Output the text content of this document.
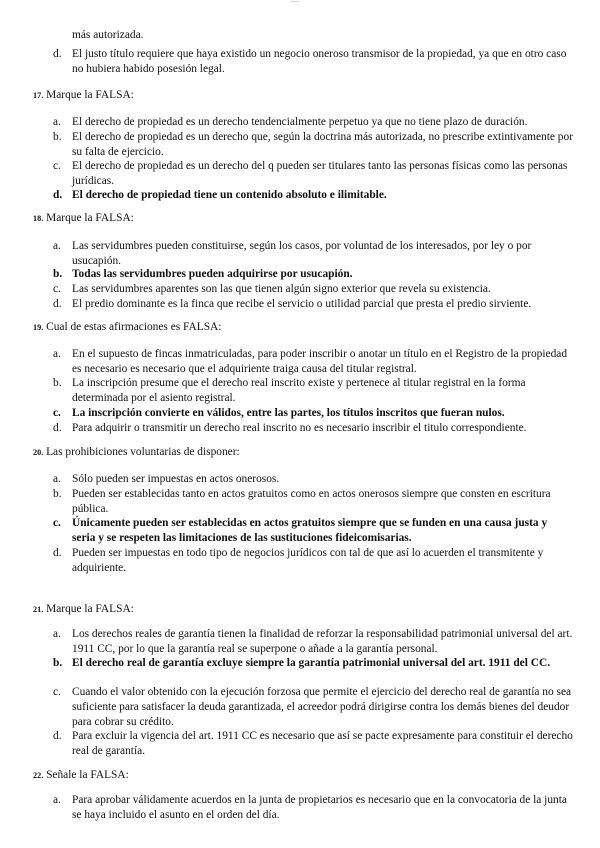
—
más autorizada.
d. El justo título requiere que haya existido un negocio oneroso transmisor de la propiedad, ya que en otro caso no hubiera habido posesión legal.
17. Marque la FALSA:
a. El derecho de propiedad es un derecho tendencialmente perpetuo ya que no tiene plazo de duración.
b. El derecho de propiedad es un derecho que, según la doctrina más autorizada, no prescribe extintivamente por su falta de ejercicio.
c. El derecho de propiedad es un derecho del q pueden ser titulares tanto las personas físicas como las personas jurídicas.
d. El derecho de propiedad tiene un contenido absoluto e ilimitable.
18. Marque la FALSA:
a. Las servidumbres pueden constituirse, según los casos, por voluntad de los interesados, por ley o por usucapión.
b. Todas las servidumbres pueden adquirirse por usucapión.
c. Las servidumbres aparentes son las que tienen algún signo exterior que revela su existencia.
d. El predio dominante es la finca que recibe el servicio o utilidad parcial que presta el predio sirviente.
19. Cual de estas afirmaciones es FALSA:
a. En el supuesto de fincas inmatriculadas, para poder inscribir o anotar un título en el Registro de la propiedad es necesario es necesario que el adquiriente traiga causa del titular registral.
b. La inscripción presume que el derecho real inscrito existe y pertenece al titular registral en la forma determinada por el asiento registral.
c. La inscripción convierte en válidos, entre las partes, los títulos inscritos que fueran nulos.
d. Para adquirir o transmitir un derecho real inscrito no es necesario inscribir el titulo correspondiente.
20. Las prohibiciones voluntarias de disponer:
a. Sólo pueden ser impuestas en actos onerosos.
b. Pueden ser establecidas tanto en actos gratuitos como en actos onerosos siempre que consten en escritura pública.
c. Únicamente pueden ser establecidas en actos gratuitos siempre que se funden en una causa justa y seria y se respeten las limitaciones de las sustituciones fideicomisarias.
d. Pueden ser impuestas en todo tipo de negocios jurídicos con tal de que así lo acuerden el transmitente y adquiriente.
21. Marque la FALSA:
a. Los derechos reales de garantía tienen la finalidad de reforzar la responsabilidad patrimonial universal del art. 1911 CC, por lo que la garantía real se superpone o añade a la garantía personal.
b. El derecho real de garantía excluye siempre la garantía patrimonial universal del art. 1911 del CC.
c. Cuando el valor obtenido con la ejecución forzosa que permite el ejercicio del derecho real de garantía no sea suficiente para satisfacer la deuda garantizada, el acreedor podrá dirigirse contra los demás bienes del deudor para cobrar su crédito.
d. Para excluir la vigencia del art. 1911 CC es necesario que así se pacte expresamente para constituir el derecho real de garantía.
22. Señale la FALSA:
a. Para aprobar válidamente acuerdos en la junta de propietarios es necesario que en la convocatoria de la junta se haya incluido el asunto en el orden del día.
